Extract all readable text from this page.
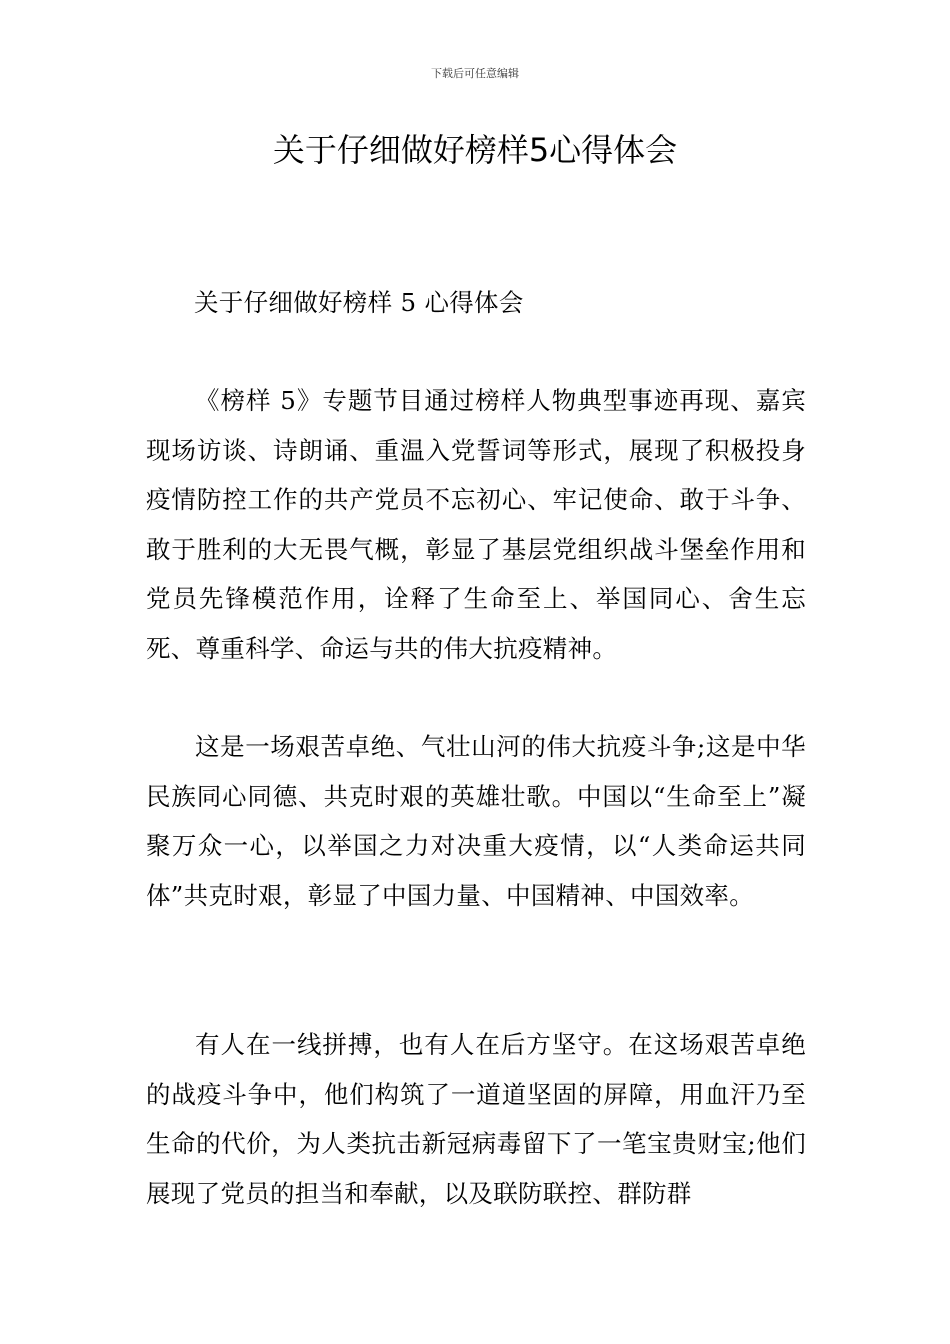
下载后可任意编辑
关于仔细做好榜样5心得体会

关于仔细做好榜样 5 心得体会

《榜样 5》专题节目通过榜样人物典型事迹再现、嘉宾现场访谈、诗朗诵、重温入党誓词等形式，展现了积极投身疫情防控工作的共产党员不忘初心、牢记使命、敢于斗争、敢于胜利的大无畏气概，彰显了基层党组织战斗堡垒作用和党员先锋模范作用，诠释了生命至上、举国同心、舍生忘死、尊重科学、命运与共的伟大抗疫精神。

这是一场艰苦卓绝、气壮山河的伟大抗疫斗争;这是中华民族同心同德、共克时艰的英雄壮歌。中国以“生命至上”凝聚万众一心，以举国之力对决重大疫情，以“人类命运共同体”共克时艰，彰显了中国力量、中国精神、中国效率。

有人在一线拼搏，也有人在后方坚守。在这场艰苦卓绝的战疫斗争中，他们构筑了一道道坚固的屏障，用血汗乃至生命的代价，为人类抗击新冠病毒留下了一笔宝贵财宝;他们展现了党员的担当和奉献，以及联防联控、群防群
